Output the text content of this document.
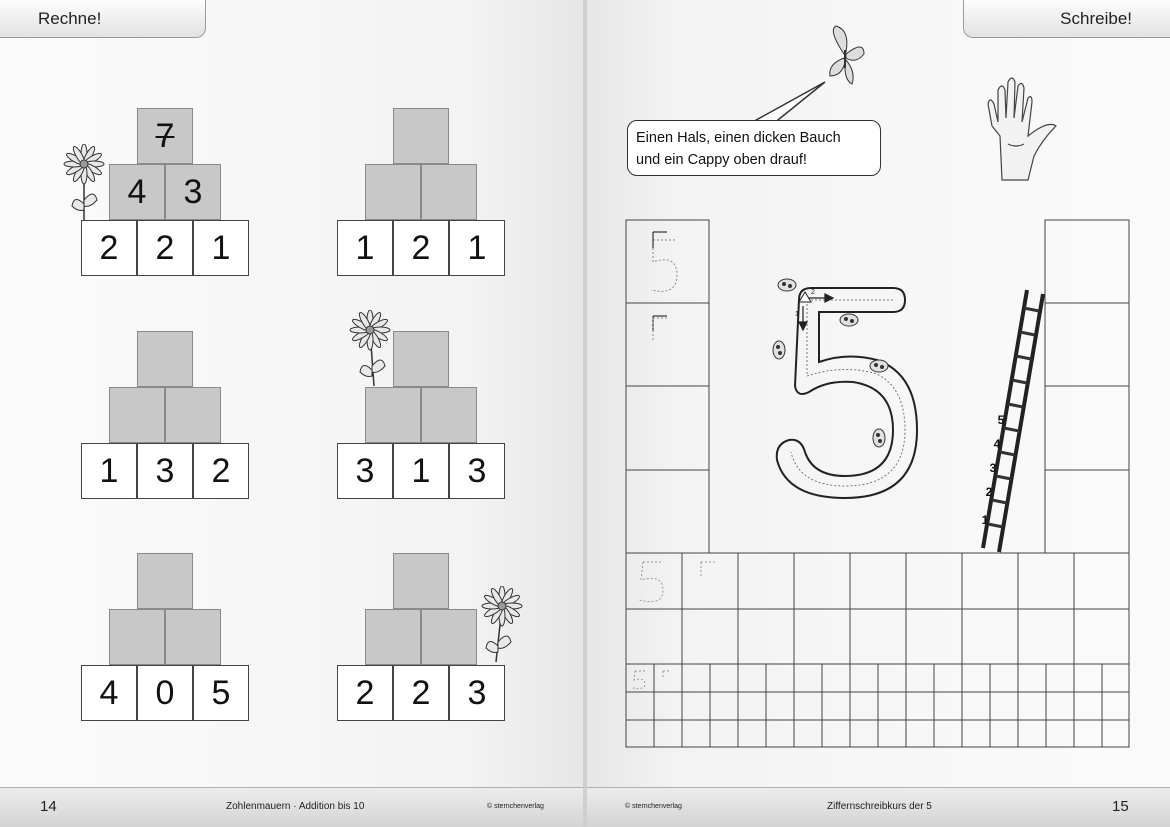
Rechne!
7
4	3
2	2	1	1	2	1
1	3	2	3	1	3
4	0	5	2	2	3
14	Zohlenmauern · Addition bis 10	© sternchenverlag
Schreibe!
Einen Hals, einen dicken Bauch
und ein Cappy oben drauf!
1
2
5
4
3
2
1
© sternchenverlag	Ziffernschreibkurs der 5	15
